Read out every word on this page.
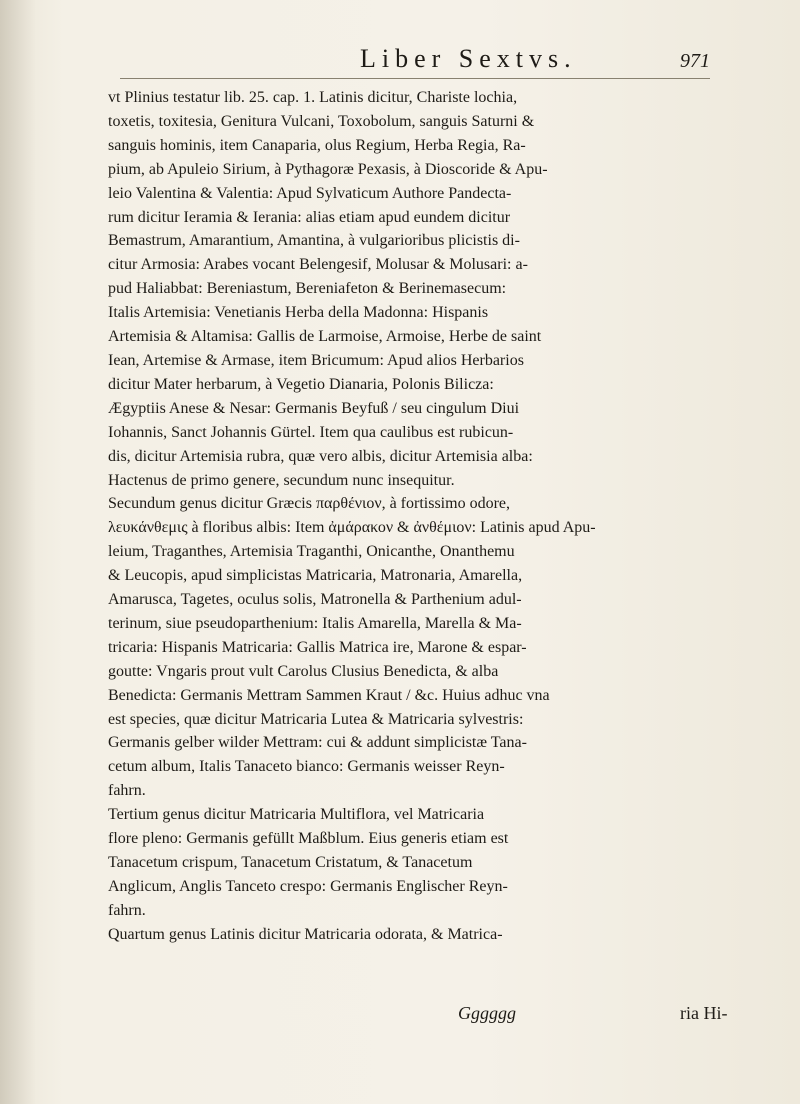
Liber Sextvs.	971
vt Plinius testatur lib. 25. cap. 1. Latinis dicitur, Chariste lochia,
toxetis, toxitesia, Genitura Vulcani, Toxobolum, sanguis Saturni &
sanguis hominis, item Canaparia, olus Regium, Herba Regia, Ra-
pium, ab Apuleio Sirium, à Pythagoræ Pexasis, à Dioscoride & Apu-
leio Valentina & Valentia: Apud Sylvaticum Authore Pandecta-
rum dicitur Ieramia & Ierania: alias etiam apud eundem dicitur
Bemastrum, Amarantium, Amantina, à vulgarioribus plicistis di-
citur Armosia: Arabes vocant Belengesif, Molusar & Molusari: a-
pud Haliabbat: Bereniastum, Bereniafeton & Berinemasecum:
Italis Artemisia: Venetianis Herba della Madonna: Hispanis
Artemisia & Altamisa: Gallis de Larmoise, Armoise, Herbe de saint
Iean, Artemise & Armase, item Bricumum: Apud alios Herbarios
dicitur Mater herbarum, à Vegetio Dianaria, Polonis Bilicza:
Ægyptiis Anese & Nesar: Germanis Beyfuß / seu cingulum Diui
Iohannis, Sanct Johannis Gürtel. Item qua caulibus est rubicun-
dis, dicitur Artemisia rubra, quæ vero albis, dicitur Artemisia alba:
Hactenus de primo genere, secundum nunc insequitur.
Secundum genus dicitur Græcis παρθένιον, à fortissimo odore,
λευκάνθεμις à floribus albis: Item ἀμάρακον & ἀνθέμιον: Latinis apud Apu-
leium, Traganthes, Artemisia Traganthi, Onicanthe, Onanthemu
& Leucopis, apud simplicistas Matricaria, Matronaria, Amarella,
Amarusca, Tagetes, oculus solis, Matronella & Parthenium adul-
terinum, siue pseudoparthenium: Italis Amarella, Marella & Ma-
tricaria: Hispanis Matricaria: Gallis Matrica ire, Marone & espar-
goutte: Vngaris prout vult Carolus Clusius Benedicta, & alba
Benedicta: Germanis Mettram Sammen Kraut / &c. Huius adhuc vna
est species, quæ dicitur Matricaria Lutea & Matricaria sylvestris:
Germanis gelber wilder Mettram: cui & addunt simplicistæ Tana-
cetum album, Italis Tanaceto bianco: Germanis weisser Reyn-
fahrn.
Tertium genus dicitur Matricaria Multiflora, vel Matricaria
flore pleno: Germanis gefüllt Maßblum. Eius generis etiam est
Tanacetum crispum, Tanacetum Cristatum, & Tanacetum
Anglicum, Anglis Tanceto crespo: Germanis Englischer Reyn-
fahrn.
Quartum genus Latinis dicitur Matricaria odorata, & Matrica-
Gggggg	ria Hi-
